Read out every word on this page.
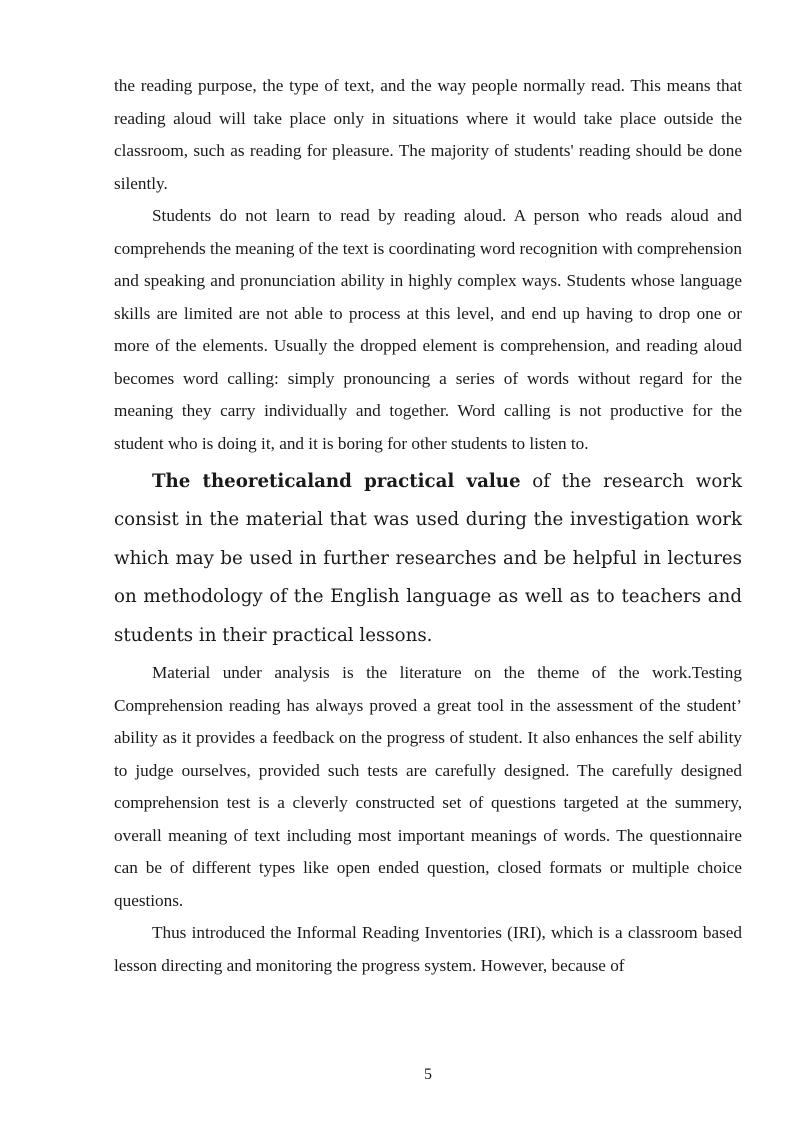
the reading purpose, the type of text, and the way people normally read. This means that reading aloud will take place only in situations where it would take place outside the classroom, such as reading for pleasure. The majority of students' reading should be done silently.

Students do not learn to read by reading aloud. A person who reads aloud and comprehends the meaning of the text is coordinating word recognition with comprehension and speaking and pronunciation ability in highly complex ways. Students whose language skills are limited are not able to process at this level, and end up having to drop one or more of the elements. Usually the dropped element is comprehension, and reading aloud becomes word calling: simply pronouncing a series of words without regard for the meaning they carry individually and together. Word calling is not productive for the student who is doing it, and it is boring for other students to listen to.

The theoreticaland practical value of the research work consist in the material that was used during the investigation work which may be used in further researches and be helpful in lectures on methodology of the English language as well as to teachers and students in their practical lessons.

Material under analysis is the literature on the theme of the work.Testing Comprehension reading has always proved a great tool in the assessment of the student’ ability as it provides a feedback on the progress of student. It also enhances the self ability to judge ourselves, provided such tests are carefully designed. The carefully designed comprehension test is a cleverly constructed set of questions targeted at the summery, overall meaning of text including most important meanings of words. The questionnaire can be of different types like open ended question, closed formats or multiple choice questions.

Thus introduced the Informal Reading Inventories (IRI), which is a classroom based lesson directing and monitoring the progress system. However, because of

5
